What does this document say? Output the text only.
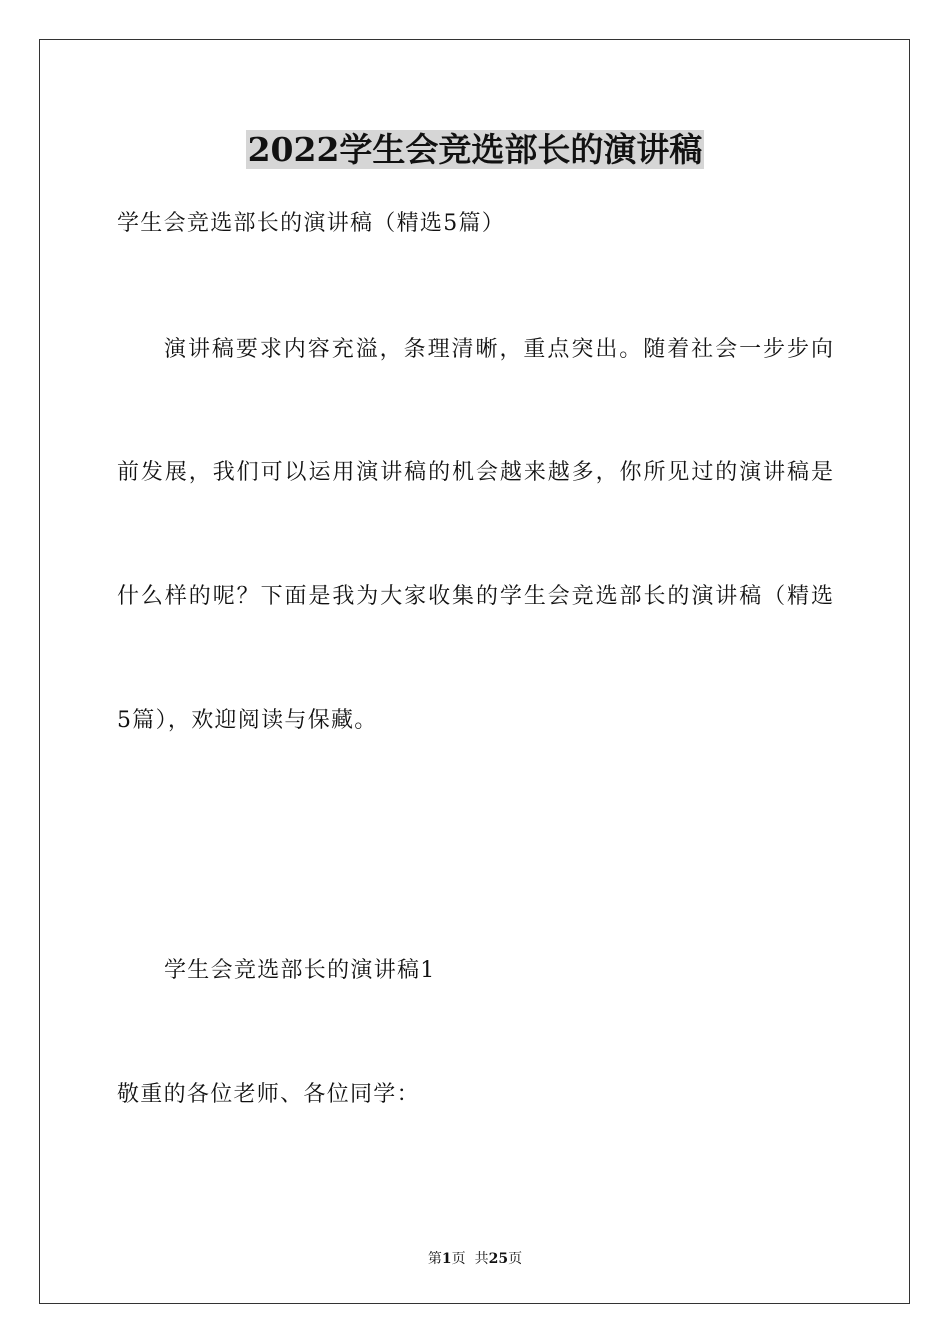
2022学生会竞选部长的演讲稿
学生会竞选部长的演讲稿（精选5篇）
演讲稿要求内容充溢，条理清晰，重点突出。随着社会一步步向
前发展，我们可以运用演讲稿的机会越来越多，你所见过的演讲稿是
什么样的呢？下面是我为大家收集的学生会竞选部长的演讲稿（精选
5篇），欢迎阅读与保藏。
学生会竞选部长的演讲稿1
敬重的各位老师、各位同学：
第1页  共25页
